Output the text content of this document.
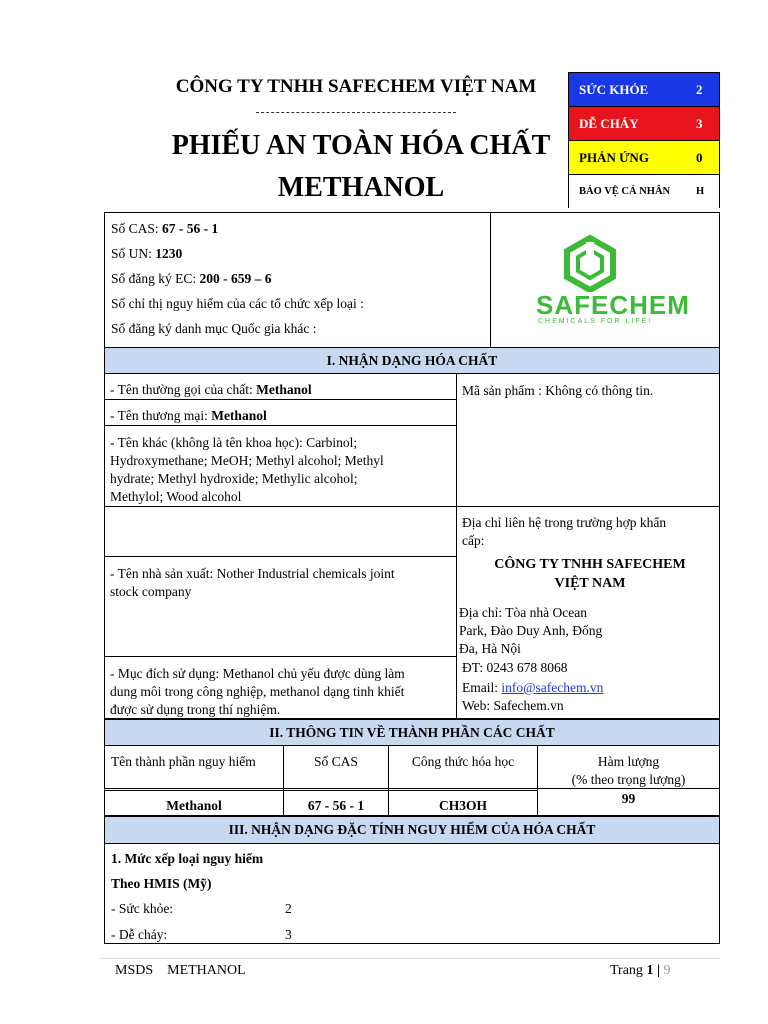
CÔNG TY TNHH SAFECHEM VIỆT NAM
PHIẾU AN TOÀN HÓA CHẤT
METHANOL
SỨC KHỎE	2
DỄ CHÁY	3
PHẢN ỨNG	0
BẢO VỆ CÁ NHÂN H
Số CAS: 67 - 56 - 1
Số UN: 1230
Số đăng ký EC: 200 - 659 – 6
Số chỉ thị nguy hiểm của các tổ chức xếp loại :
Số đăng ký danh mục Quốc gia khác :
SAFECHEM
CHEMICALS FOR LIFE!
I. NHẬN DẠNG HÓA CHẤT
- Tên thường gọi của chất: Methanol
- Tên thương mại: Methanol
- Tên khác (không là tên khoa học): Carbinol;
Hydroxymethane; MeOH; Methyl alcohol; Methyl
hydrate; Methyl hydroxide; Methylic alcohol;
Methylol; Wood alcohol
- Tên nhà sản xuất: Nother Industrial chemicals joint
stock company
- Mục đích sử dụng: Methanol chủ yếu được dùng làm
dung môi trong công nghiệp, methanol dạng tinh khiết
được sử dụng trong thí nghiệm.
Mã sản phẩm : Không có thông tin.
Địa chỉ liên hệ trong trường hợp khẩn
cấp:
CÔNG TY TNHH SAFECHEM
VIỆT NAM
Địa chỉ: Tòa nhà Ocean
Park, Đào Duy Anh, Đống
Đa, Hà Nội
ĐT: 0243 678 8068
Email: info@safechem.vn
Web: Safechem.vn
II. THÔNG TIN VỀ THÀNH PHẦN CÁC CHẤT
Tên thành phần nguy hiểm	Số CAS	Công thức hóa học	Hàm lượng
(% theo trọng lượng)
Methanol	67 - 56 - 1	CH3OH	99
III. NHẬN DẠNG ĐẶC TÍNH NGUY HIỂM CỦA HÓA CHẤT
1. Mức xếp loại nguy hiểm
Theo HMIS (Mỹ)
- Sức khỏe:	2
- Dễ cháy:	3
MSDS    METHANOL	Trang 1 | 9
